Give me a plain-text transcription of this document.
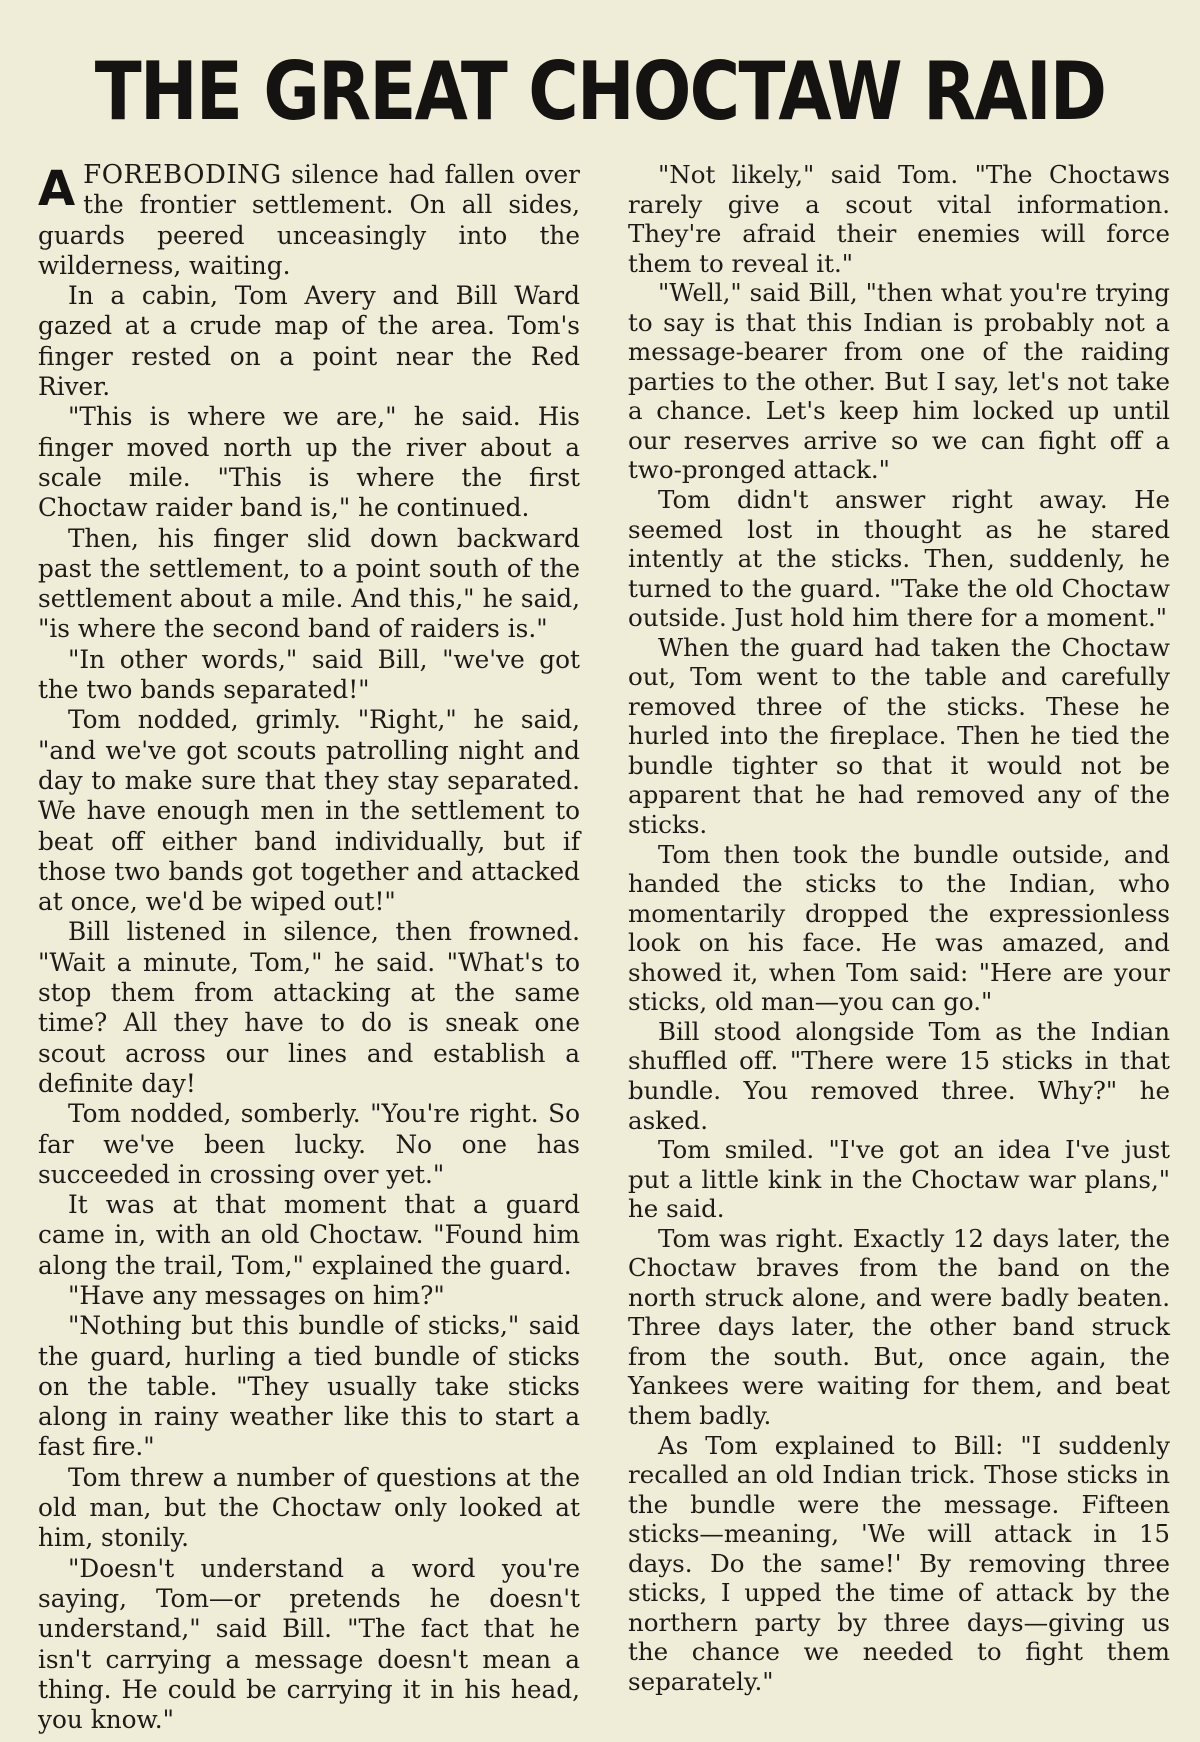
THE GREAT CHOCTAW RAID

AFOREBODING silence had fallen over the frontier settlement. On all sides, guards peered unceasingly into the wilderness, waiting.

In a cabin, Tom Avery and Bill Ward gazed at a crude map of the area. Tom's finger rested on a point near the Red River.

"This is where we are," he said. His finger moved north up the river about a scale mile. "This is where the first Choctaw raider band is," he continued.

Then, his finger slid down backward past the settlement, to a point south of the settlement about a mile. And this," he said, "is where the second band of raiders is."

"In other words," said Bill, "we've got the two bands separated!"

Tom nodded, grimly. "Right," he said, "and we've got scouts patrolling night and day to make sure that they stay separated. We have enough men in the settlement to beat off either band individually, but if those two bands got together and attacked at once, we'd be wiped out!"

Bill listened in silence, then frowned. "Wait a minute, Tom," he said. "What's to stop them from attacking at the same time? All they have to do is sneak one scout across our lines and establish a definite day!

Tom nodded, somberly. "You're right. So far we've been lucky. No one has succeeded in crossing over yet."

It was at that moment that a guard came in, with an old Choctaw. "Found him along the trail, Tom," explained the guard.

"Have any messages on him?"

"Nothing but this bundle of sticks," said the guard, hurling a tied bundle of sticks on the table. "They usually take sticks along in rainy weather like this to start a fast fire."

Tom threw a number of questions at the old man, but the Choctaw only looked at him, stonily.

"Doesn't understand a word you're saying, Tom—or pretends he doesn't understand," said Bill. "The fact that he isn't carrying a message doesn't mean a thing. He could be carrying it in his head, you know."

"Not likely," said Tom. "The Choctaws rarely give a scout vital information. They're afraid their enemies will force them to reveal it."

"Well," said Bill, "then what you're trying to say is that this Indian is probably not a message-bearer from one of the raiding parties to the other. But I say, let's not take a chance. Let's keep him locked up until our reserves arrive so we can fight off a two-pronged attack."

Tom didn't answer right away. He seemed lost in thought as he stared intently at the sticks. Then, suddenly, he turned to the guard. "Take the old Choctaw outside. Just hold him there for a moment."

When the guard had taken the Choctaw out, Tom went to the table and carefully removed three of the sticks. These he hurled into the fireplace. Then he tied the bundle tighter so that it would not be apparent that he had removed any of the sticks.

Tom then took the bundle outside, and handed the sticks to the Indian, who momentarily dropped the expressionless look on his face. He was amazed, and showed it, when Tom said: "Here are your sticks, old man—you can go."

Bill stood alongside Tom as the Indian shuffled off. "There were 15 sticks in that bundle. You removed three. Why?" he asked.

Tom smiled. "I've got an idea I've just put a little kink in the Choctaw war plans," he said.

Tom was right. Exactly 12 days later, the Choctaw braves from the band on the north struck alone, and were badly beaten. Three days later, the other band struck from the south. But, once again, the Yankees were waiting for them, and beat them badly.

As Tom explained to Bill: "I suddenly recalled an old Indian trick. Those sticks in the bundle were the message. Fifteen sticks—meaning, 'We will attack in 15 days. Do the same!' By removing three sticks, I upped the time of attack by the northern party by three days—giving us the chance we needed to fight them separately."
